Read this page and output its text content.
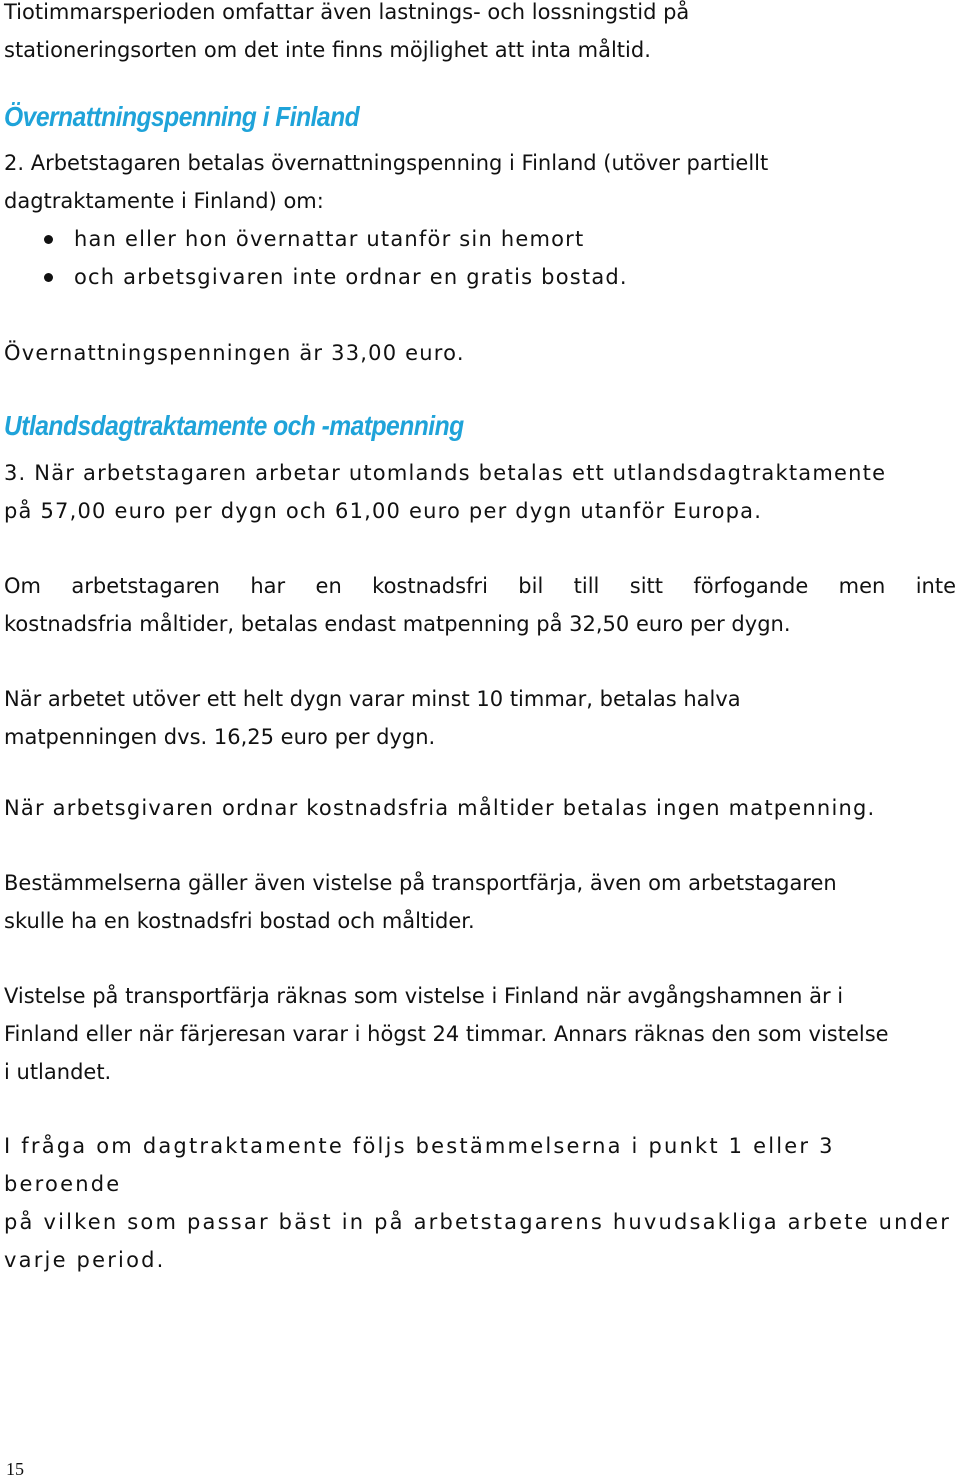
Tiotimmarsperioden omfattar även lastnings- och lossningstid på
stationeringsorten om det inte finns möjlighet att inta måltid.

Övernattningspenning i Finland

2. Arbetstagaren betalas övernattningspenning i Finland (utöver partiellt
dagtraktamente i Finland) om:

han eller hon övernattar utanför sin hemort
och arbetsgivaren inte ordnar en gratis bostad.

Övernattningspenningen är 33,00 euro.

Utlandsdagtraktamente och -matpenning

3. När arbetstagaren arbetar utomlands betalas ett utlandsdagtraktamente
på 57,00 euro per dygn och 61,00 euro per dygn utanför Europa.

Om arbetstagaren har en kostnadsfri bil till sitt förfogande men inte
kostnadsfria måltider, betalas endast matpenning på 32,50 euro per dygn.

När arbetet utöver ett helt dygn varar minst 10 timmar, betalas halva
matpenningen dvs. 16,25 euro per dygn.

När arbetsgivaren ordnar kostnadsfria måltider betalas ingen matpenning.

Bestämmelserna gäller även vistelse på transportfärja, även om arbetstagaren
skulle ha en kostnadsfri bostad och måltider.

Vistelse på transportfärja räknas som vistelse i Finland när avgångshamnen är i
Finland eller när färjeresan varar i högst 24 timmar. Annars räknas den som vistelse
i utlandet.

I fråga om dagtraktamente följs bestämmelserna i punkt 1 eller 3 beroende
på vilken som passar bäst in på arbetstagarens huvudsakliga arbete under
varje period.

15
